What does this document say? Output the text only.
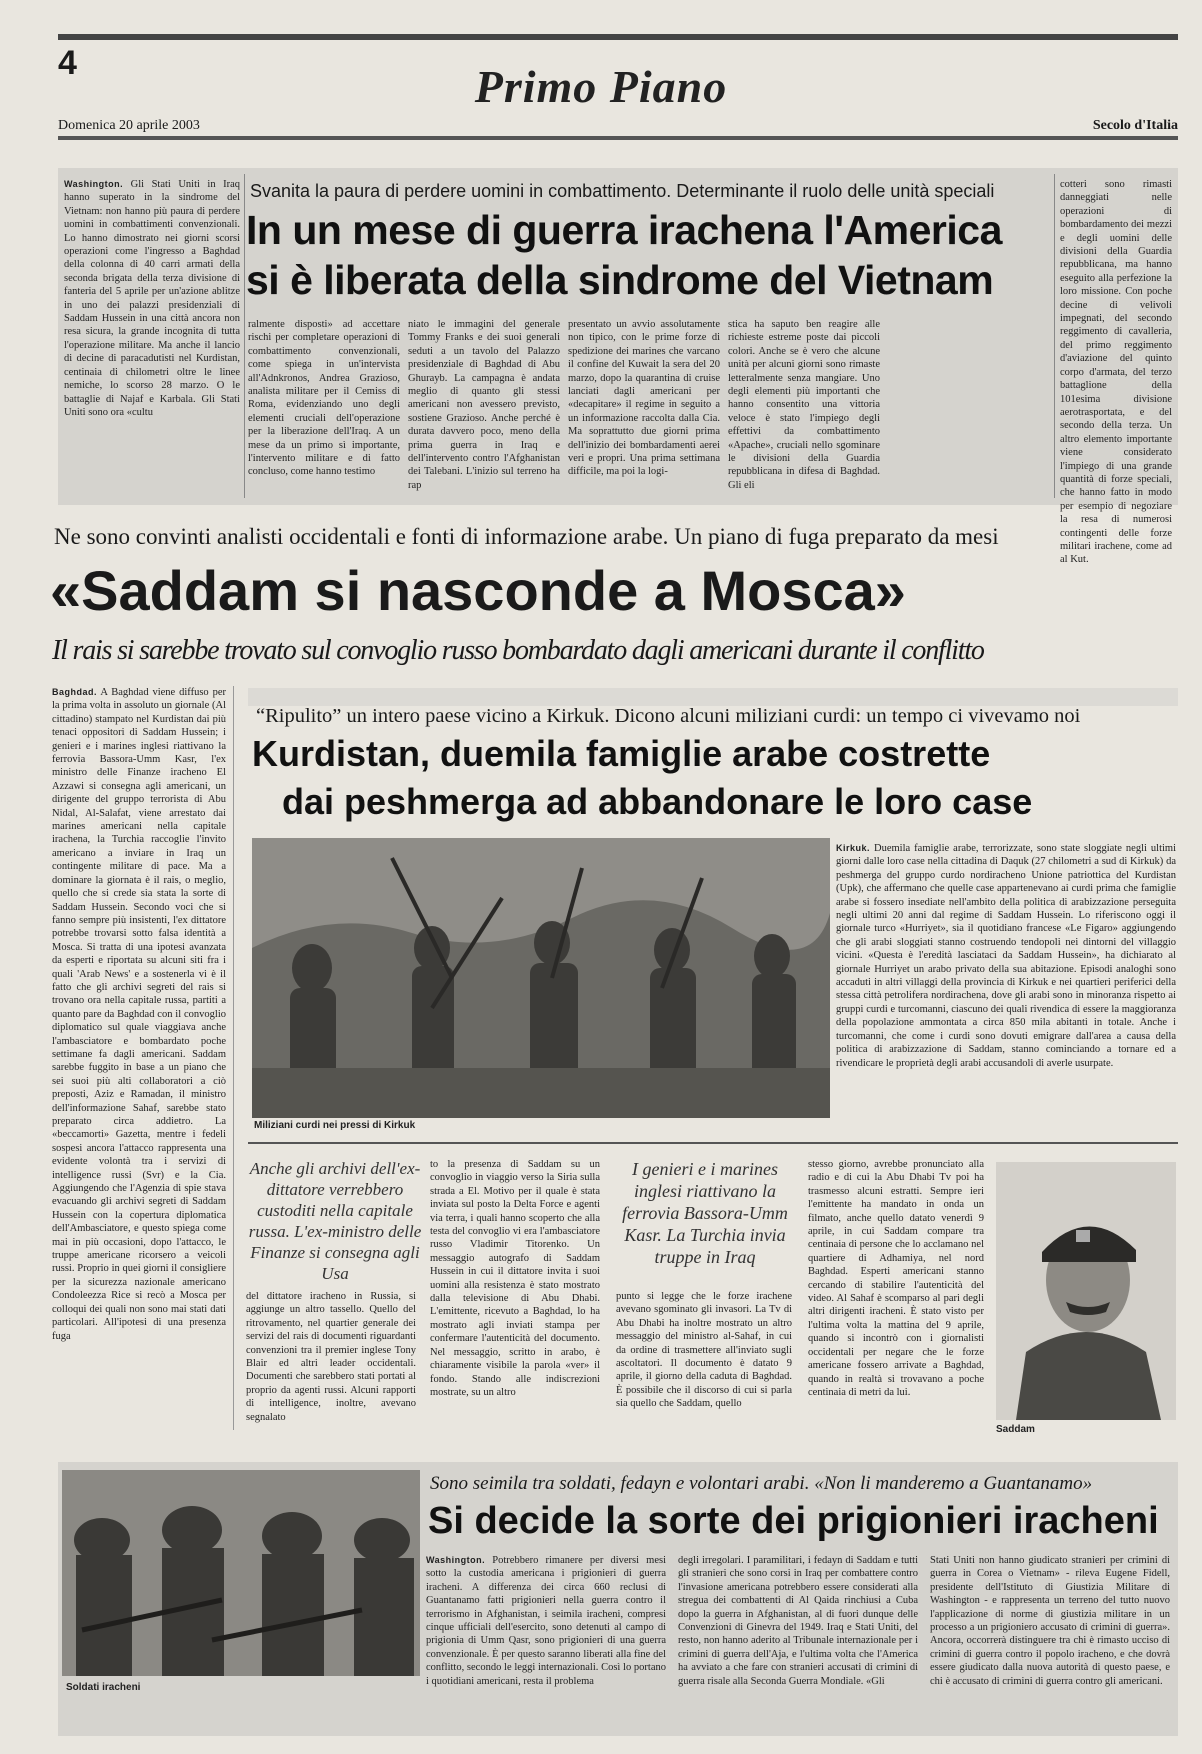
4	Primo Piano
Domenica 20 aprile 2003	Secolo d'Italia
Washington. Gli Stati Uniti in Iraq hanno superato in la sindrome del Vietnam: non hanno più paura di perdere uomini in combattimenti convenzionali. Lo hanno dimostrato nei giorni scorsi operazioni come l'ingresso a Baghdad della colonna di 40 carri armati della seconda brigata della terza divisione di fanteria del 5 aprile per un'azione ablitze in uno dei palazzi presidenziali di Saddam Hussein in una città ancora non resa sicura, la grande incognita di tutta l'operazione militare. Ma anche il lancio di decine di paracadutisti nel Kurdistan, centinaia di chilometri oltre le linee nemiche, lo scorso 28 marzo. O le battaglie di Najaf e Karbala. Gli Stati Uniti sono ora «cultu
Svanita la paura di perdere uomini in combattimento. Determinante il ruolo delle unità speciali
In un mese di guerra irachena l'America
si è liberata della sindrome del Vietnam
ralmente disposti» ad accettare rischi per completare operazioni di combattimento convenzionali, come spiega in un'intervista all'Adnkronos, Andrea Grazioso, analista militare per il Cemiss di Roma, evidenziando uno degli elementi cruciali dell'operazione per la liberazione dell'Iraq. A un mese da un primo sì importante, l'intervento militare e di fatto concluso, come hanno testimo
niato le immagini del generale Tommy Franks e dei suoi generali seduti a un tavolo del Palazzo presidenziale di Baghdad di Abu Ghurayb. La campagna è andata meglio di quanto gli stessi americani non avessero previsto, sostiene Grazioso. Anche perché è durata davvero poco, meno della prima guerra in Iraq e dell'intervento contro l'Afghanistan dei Talebani. L'inizio sul terreno ha rap
presentato un avvio assolutamente non tipico, con le prime forze di spedizione dei marines che varcano il confine del Kuwait la sera del 20 marzo, dopo la quarantina di cruise lanciati dagli americani per «decapitare» il regime in seguito a un informazione raccolta dalla Cia. Ma soprattutto due giorni prima dell'inizio dei bombardamenti aerei veri e propri. Una prima settimana difficile, ma poi la logi-
stica ha saputo ben reagire alle richieste estreme poste dai piccoli colori. Anche se è vero che alcune unità per alcuni giorni sono rimaste letteralmente senza mangiare. Uno degli elementi più importanti che hanno consentito una vittoria veloce è stato l'impiego degli effettivi da combattimento «Apache», cruciali nello sgominare le divisioni della Guardia repubblicana in difesa di Baghdad. Gli eli
cotteri sono rimasti danneggiati nelle operazioni di bombardamento dei mezzi e degli uomini delle divisioni della Guardia repubblicana, ma hanno eseguito alla perfezione la loro missione. Con poche decine di velivoli impegnati, del secondo reggimento di cavalleria, del primo reggimento d'aviazione del quinto corpo d'armata, del terzo battaglione della 101esima divisione aerotrasportata, e del secondo della terza. Un altro elemento importante viene considerato l'impiego di una grande quantità di forze speciali, che hanno fatto in modo per esempio di negoziare la resa di numerosi contingenti delle forze militari irachene, come ad al Kut.
Ne sono convinti analisti occidentali e fonti di informazione arabe. Un piano di fuga preparato da mesi
«Saddam si nasconde a Mosca»
Il rais si sarebbe trovato sul convoglio russo bombardato dagli americani durante il conflitto
Baghdad. A Baghdad viene diffuso per la prima volta in assoluto un giornale (Al cittadino) stampato nel Kurdistan dai più tenaci oppositori di Saddam Hussein; i genieri e i marines inglesi riattivano la ferrovia Bassora-Umm Kasr, l'ex ministro delle Finanze iracheno El Azzawi si consegna agli americani, un dirigente del gruppo terrorista di Abu Nidal, Al-Salafat, viene arrestato dai marines americani nella capitale irachena, la Turchia raccoglie l'invito americano a inviare in Iraq un contingente militare di pace. Ma a dominare la giornata è il rais, o meglio, quello che si crede sia stata la sorte di Saddam Hussein. Secondo voci che si fanno sempre più insistenti, l'ex dittatore potrebbe trovarsi sotto falsa identità a Mosca. Si tratta di una ipotesi avanzata da esperti e riportata su alcuni siti fra i quali 'Arab News' e a sostenerla vi è il fatto che gli archivi segreti del rais si trovano ora nella capitale russa, partiti a quanto pare da Baghdad con il convoglio diplomatico sul quale viaggiava anche l'ambasciatore e bombardato poche settimane fa dagli americani. Saddam sarebbe fuggito in base a un piano che sei suoi più alti collaboratori a ciò preposti, Aziz e Ramadan, il ministro dell'informazione Sahaf, sarebbe stato preparato circa addietro. La «beccamorti» Gazetta, mentre i fedeli sospesi ancora l'attacco rappresenta una evidente volontà tra i servizi di intelligence russi (Svr) e la Cia. Aggiungendo che l'Agenzia di spie stava evacuando gli archivi segreti di Saddam Hussein con la copertura diplomatica dell'Ambasciatore, e questo spiega come mai in più occasioni, dopo l'attacco, le truppe americane ricorsero a veicoli russi. Proprio in quei giorni il consigliere per la sicurezza nazionale americano Condoleezza Rice si recò a Mosca per colloqui dei quali non sono mai stati dati particolari. All'ipotesi di una presenza fuga
“Ripulito” un intero paese vicino a Kirkuk. Dicono alcuni miliziani curdi: un tempo ci vivevamo noi
Kurdistan, duemila famiglie arabe costrette
dai peshmerga ad abbandonare le loro case
Miliziani curdi nei pressi di Kirkuk
Kirkuk. Duemila famiglie arabe, terrorizzate, sono state sloggiate negli ultimi giorni dalle loro case nella cittadina di Daquk (27 chilometri a sud di Kirkuk) da peshmerga del gruppo curdo nordiracheno Unione patriottica del Kurdistan (Upk), che affermano che quelle case appartenevano ai curdi prima che famiglie arabe si fossero insediate nell'ambito della politica di arabizzazione perseguita negli ultimi 20 anni dal regime di Saddam Hussein. Lo riferiscono oggi il giornale turco «Hurriyet», sia il quotidiano francese «Le Figaro» aggiungendo che gli arabi sloggiati stanno costruendo tendopoli nei dintorni del villaggio vicini. «Questa è l'eredità lasciataci da Saddam Hussein», ha dichiarato al giornale Hurriyet un arabo privato della sua abitazione. Episodi analoghi sono accaduti in altri villaggi della provincia di Kirkuk e nei quartieri periferici della stessa città petrolifera nordirachena, dove gli arabi sono in minoranza rispetto ai gruppi curdi e turcomanni, ciascuno dei quali rivendica di essere la maggioranza della popolazione ammontata a circa 850 mila abitanti in totale. Anche i turcomanni, che come i curdi sono dovuti emigrare dall'area a causa della politica di arabizzazione di Saddam, stanno cominciando a tornare ed a rivendicare le proprietà degli arabi accusandoli di averle usurpate.
Anche gli archivi dell'ex-dittatore verrebbero custoditi nella capitale russa. L'ex-ministro delle Finanze si consegna agli Usa
del dittatore iracheno in Russia, si aggiunge un altro tassello. Quello del ritrovamento, nel quartier generale dei servizi del rais di documenti riguardanti convenzioni tra il premier inglese Tony Blair ed altri leader occidentali. Documenti che sarebbero stati portati al proprio da agenti russi. Alcuni rapporti di intelligence, inoltre, avevano segnalato
to la presenza di Saddam su un convoglio in viaggio verso la Siria sulla strada a El. Motivo per il quale è stata inviata sul posto la Delta Force e agenti via terra, i quali hanno scoperto che alla testa del convoglio vi era l'ambasciatore russo Vladimir Titorenko. Un messaggio autografo di Saddam Hussein in cui il dittatore invita i suoi uomini alla resistenza è stato mostrato dalla televisione di Abu Dhabi. L'emittente, ricevuto a Baghdad, lo ha mostrato agli inviati stampa per confermare l'autenticità del documento. Nel messaggio, scritto in arabo, è chiaramente visibile la parola «ver» il fondo. Stando alle indiscrezioni mostrate, su un altro
I genieri e i marines inglesi riattivano la ferrovia Bassora-Umm Kasr. La Turchia invia truppe in Iraq
punto si legge che le forze irachene avevano sgominato gli invasori. La Tv di Abu Dhabi ha inoltre mostrato un altro messaggio del ministro al-Sahaf, in cui da ordine di trasmettere all'inviato sugli ascoltatori. Il documento è datato 9 aprile, il giorno della caduta di Baghdad. È possibile che il discorso di cui si parla sia quello che Saddam, quello
stesso giorno, avrebbe pronunciato alla radio e di cui la Abu Dhabi Tv poi ha trasmesso alcuni estratti. Sempre ieri l'emittente ha mandato in onda un filmato, anche quello datato venerdì 9 aprile, in cui Saddam compare tra centinaia di persone che lo acclamano nel quartiere di Adhamiya, nel nord Baghdad. Esperti americani stanno cercando di stabilire l'autenticità del video. Al Sahaf è scomparso al pari degli altri dirigenti iracheni. È stato visto per l'ultima volta la mattina del 9 aprile, quando si incontrò con i giornalisti occidentali per negare che le forze americane fossero arrivate a Baghdad, quando in realtà si trovavano a poche centinaia di metri da lui.
Saddam
Soldati iracheni
Sono seimila tra soldati, fedayn e volontari arabi. «Non li manderemo a Guantanamo»
Si decide la sorte dei prigionieri iracheni
Washington. Potrebbero rimanere per diversi mesi sotto la custodia americana i prigionieri di guerra iracheni. A differenza dei circa 660 reclusi di Guantanamo fatti prigionieri nella guerra contro il terrorismo in Afghanistan, i seimila iracheni, compresi cinque ufficiali dell'esercito, sono detenuti al campo di prigionia di Umm Qasr, sono prigionieri di una guerra convenzionale. È per questo saranno liberati alla fine del conflitto, secondo le leggi internazionali. Così lo portano i quotidiani americani, resta il problema
degli irregolari. I paramilitari, i fedayn di Saddam e tutti gli stranieri che sono corsi in Iraq per combattere contro l'invasione americana potrebbero essere considerati alla stregua dei combattenti di Al Qaida rinchiusi a Cuba dopo la guerra in Afghanistan, al di fuori dunque delle Convenzioni di Ginevra del 1949. Iraq e Stati Uniti, del resto, non hanno aderito al Tribunale internazionale per i crimini di guerra dell'Aja, e l'ultima volta che l'America ha avviato a che fare con stranieri accusati di crimini di guerra risale alla Seconda Guerra Mondiale. «Gli
Stati Uniti non hanno giudicato stranieri per crimini di guerra in Corea o Vietnam» - rileva Eugene Fidell, presidente dell'Istituto di Giustizia Militare di Washington - e rappresenta un terreno del tutto nuovo l'applicazione di norme di giustizia militare in un processo a un prigioniero accusato di crimini di guerra». Ancora, occorrerà distinguere tra chi è rimasto ucciso di crimini di guerra contro il popolo iracheno, e che dovrà essere giudicato dalla nuova autorità di questo paese, e chi è accusato di crimini di guerra contro gli americani.
